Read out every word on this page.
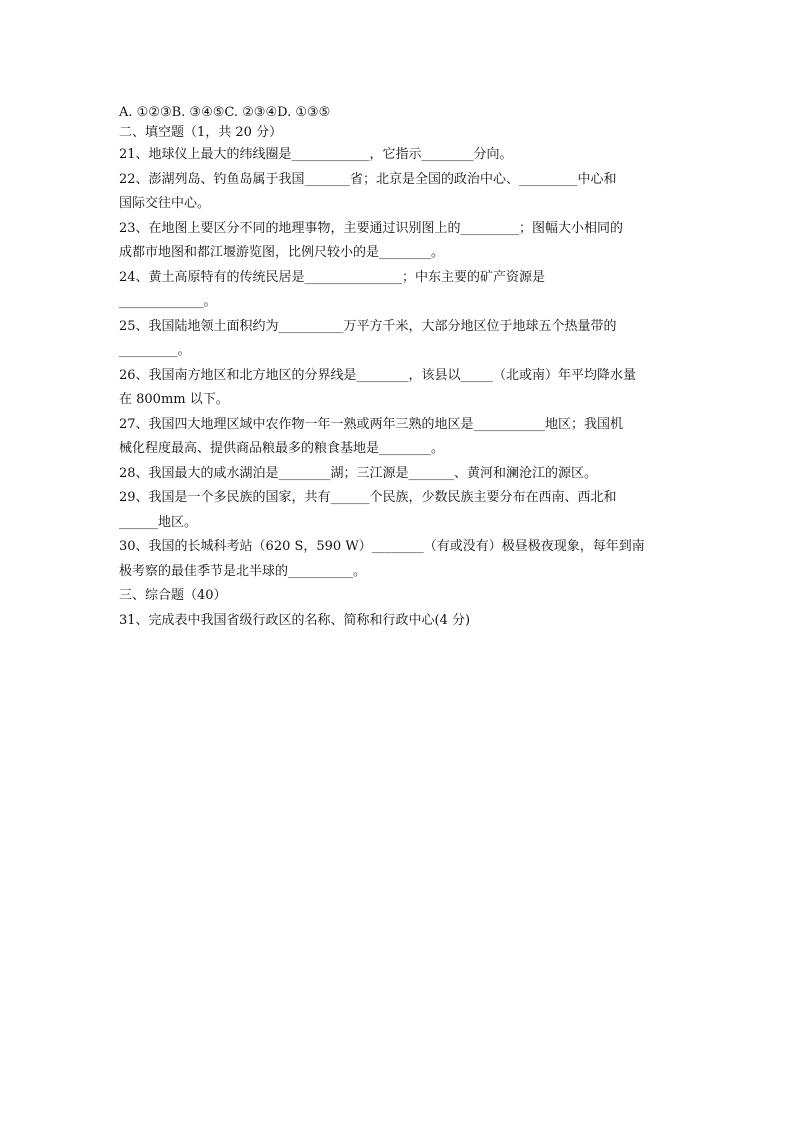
A. ①②③B. ③④⑤C. ②③④D. ①③⑤
二、填空题（1，共 20 分）
21、地球仪上最大的纬线圈是____________，它指示________分向。
22、澎湖列岛、钓鱼岛属于我国_______省；北京是全国的政治中心、_________中心和
国际交往中心。
23、在地图上要区分不同的地理事物，主要通过识别图上的_________；图幅大小相同的
成都市地图和都江堰游览图，比例尺较小的是________。
24、黄土高原特有的传统民居是_______________；中东主要的矿产资源是
_____________。
25、我国陆地领土面积约为__________万平方千米，大部分地区位于地球五个热量带的
_________。
26、我国南方地区和北方地区的分界线是________，该县以_____（北或南）年平均降水量
在 800mm 以下。
27、我国四大地理区域中农作物一年一熟或两年三熟的地区是___________地区；我国机
械化程度最高、提供商品粮最多的粮食基地是________。
28、我国最大的咸水湖泊是________湖；三江源是_______、黄河和澜沧江的源区。
29、我国是一个多民族的国家，共有______个民族，少数民族主要分布在西南、西北和
______地区。
30、我国的长城科考站（620 S，590 W）________（有或没有）极昼极夜现象，每年到南
极考察的最佳季节是北半球的__________。
三、综合题（40）
31、完成表中我国省级行政区的名称、简称和行政中心(4 分)
